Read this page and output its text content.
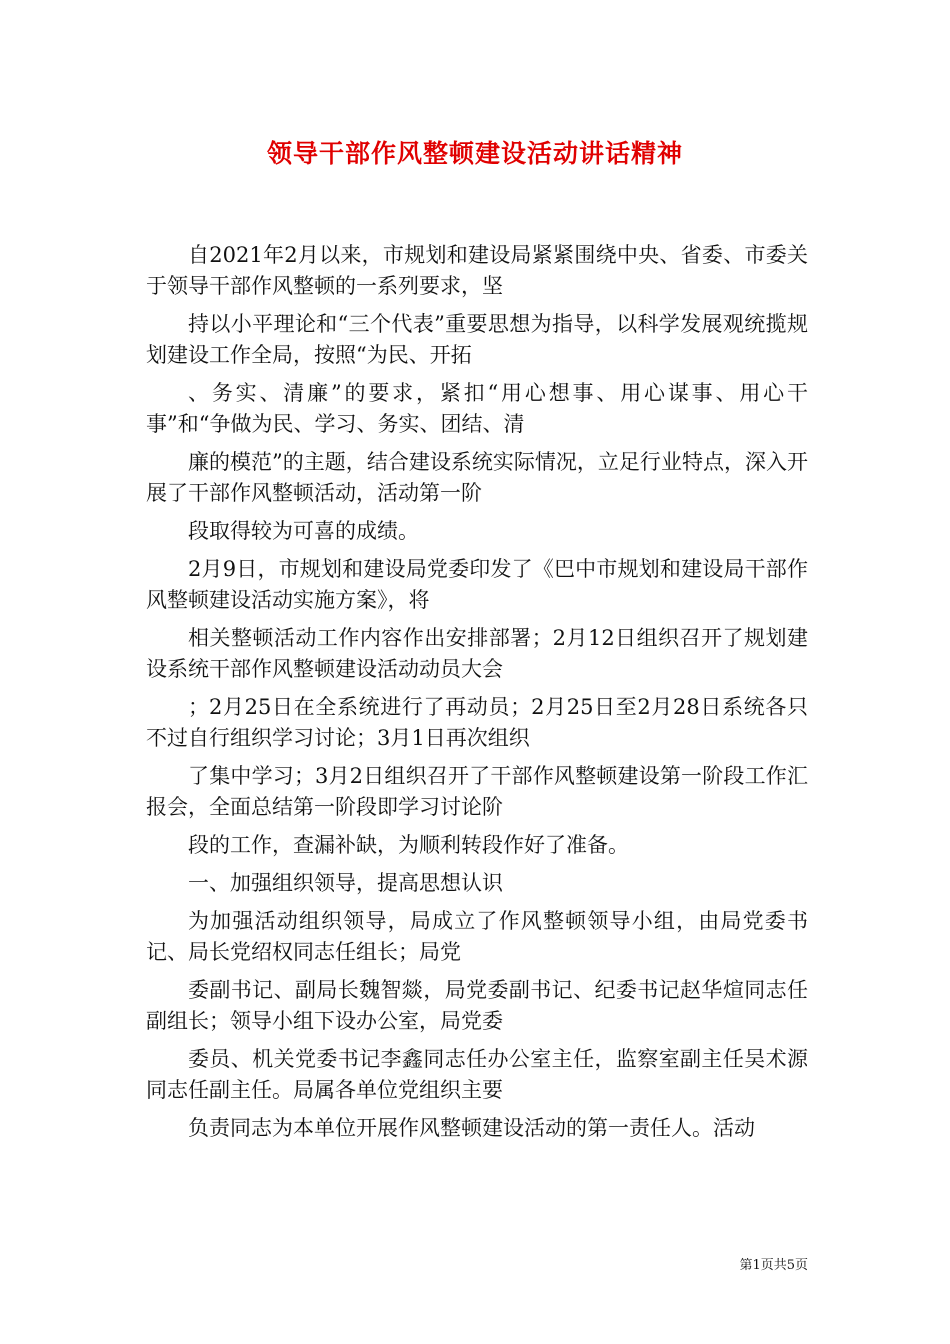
领导干部作风整顿建设活动讲话精神

自2021年2月以来，市规划和建设局紧紧围绕中央、省委、市委关于领导干部作风整顿的一系列要求，坚

持以小平理论和“三个代表”重要思想为指导，以科学发展观统揽规划建设工作全局，按照“为民、开拓

、务实、清廉”的要求，紧扣“用心想事、用心谋事、用心干事”和“争做为民、学习、务实、团结、清

廉的模范”的主题，结合建设系统实际情况，立足行业特点，深入开展了干部作风整顿活动，活动第一阶

段取得较为可喜的成绩。

2月9日，市规划和建设局党委印发了《巴中市规划和建设局干部作风整顿建设活动实施方案》，将

相关整顿活动工作内容作出安排部署；2月12日组织召开了规划建设系统干部作风整顿建设活动动员大会

；2月25日在全系统进行了再动员；2月25日至2月28日系统各只不过自行组织学习讨论；3月1日再次组织

了集中学习；3月2日组织召开了干部作风整顿建设第一阶段工作汇报会，全面总结第一阶段即学习讨论阶

段的工作，查漏补缺，为顺利转段作好了准备。

一、加强组织领导，提高思想认识

为加强活动组织领导，局成立了作风整顿领导小组，由局党委书记、局长党绍权同志任组长；局党

委副书记、副局长魏智燚，局党委副书记、纪委书记赵华煊同志任副组长；领导小组下设办公室，局党委

委员、机关党委书记李鑫同志任办公室主任，监察室副主任吴术源同志任副主任。局属各单位党组织主要

负责同志为本单位开展作风整顿建设活动的第一责任人。活动

第1页共5页
